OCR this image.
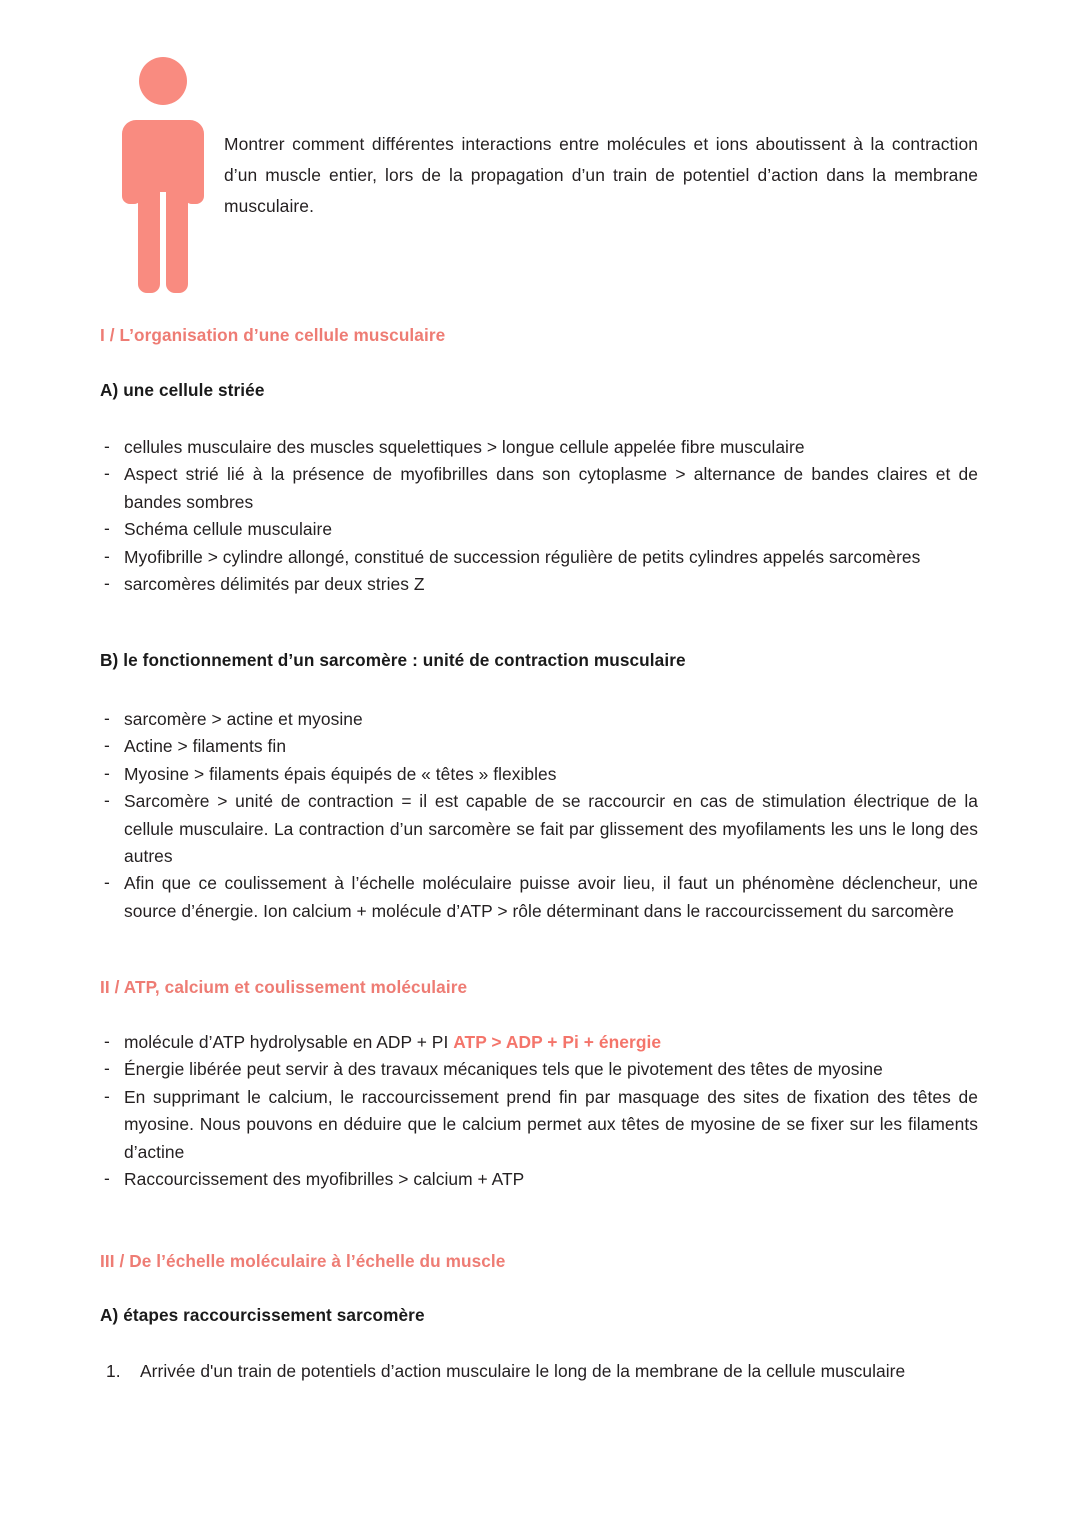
Montrer comment différentes interactions entre molécules et ions aboutissent à la contraction d’un muscle entier, lors de la propagation d’un train de potentiel d’action dans la membrane musculaire.
I / L’organisation d’une cellule musculaire
A) une cellule striée
- cellules musculaire des muscles squelettiques > longue cellule appelée fibre musculaire
- Aspect strié lié à la présence de myofibrilles dans son cytoplasme > alternance de bandes claires et de bandes sombres
- Schéma cellule musculaire
- Myofibrille > cylindre allongé, constitué de succession régulière de petits cylindres appelés sarcomères
- sarcomères délimités par deux stries Z
B) le fonctionnement d’un sarcomère : unité de contraction musculaire
- sarcomère > actine et myosine
- Actine > filaments fin
- Myosine > filaments épais équipés de « têtes » flexibles
- Sarcomère > unité de contraction = il est capable de se raccourcir en cas de stimulation électrique de la cellule musculaire. La contraction d’un sarcomère se fait par glissement des myofilaments les uns le long des autres
- Afin que ce coulissement à l’échelle moléculaire puisse avoir lieu, il faut un phénomène déclencheur, une source d’énergie. Ion calcium + molécule d’ATP > rôle déterminant dans le raccourcissement du sarcomère
II / ATP, calcium et coulissement moléculaire
- molécule d’ATP hydrolysable en ADP + PI ATP > ADP + Pi + énergie
- Énergie libérée peut servir à des travaux mécaniques tels que le pivotement des têtes de myosine
- En supprimant le calcium, le raccourcissement prend fin par masquage des sites de fixation des têtes de myosine. Nous pouvons en déduire que le calcium permet aux têtes de myosine de se fixer sur les filaments d’actine
- Raccourcissement des myofibrilles > calcium + ATP
III / De l’échelle moléculaire à l’échelle du muscle
A) étapes raccourcissement sarcomère
1. Arrivée d'un train de potentiels d’action musculaire le long de la membrane de la cellule musculaire
